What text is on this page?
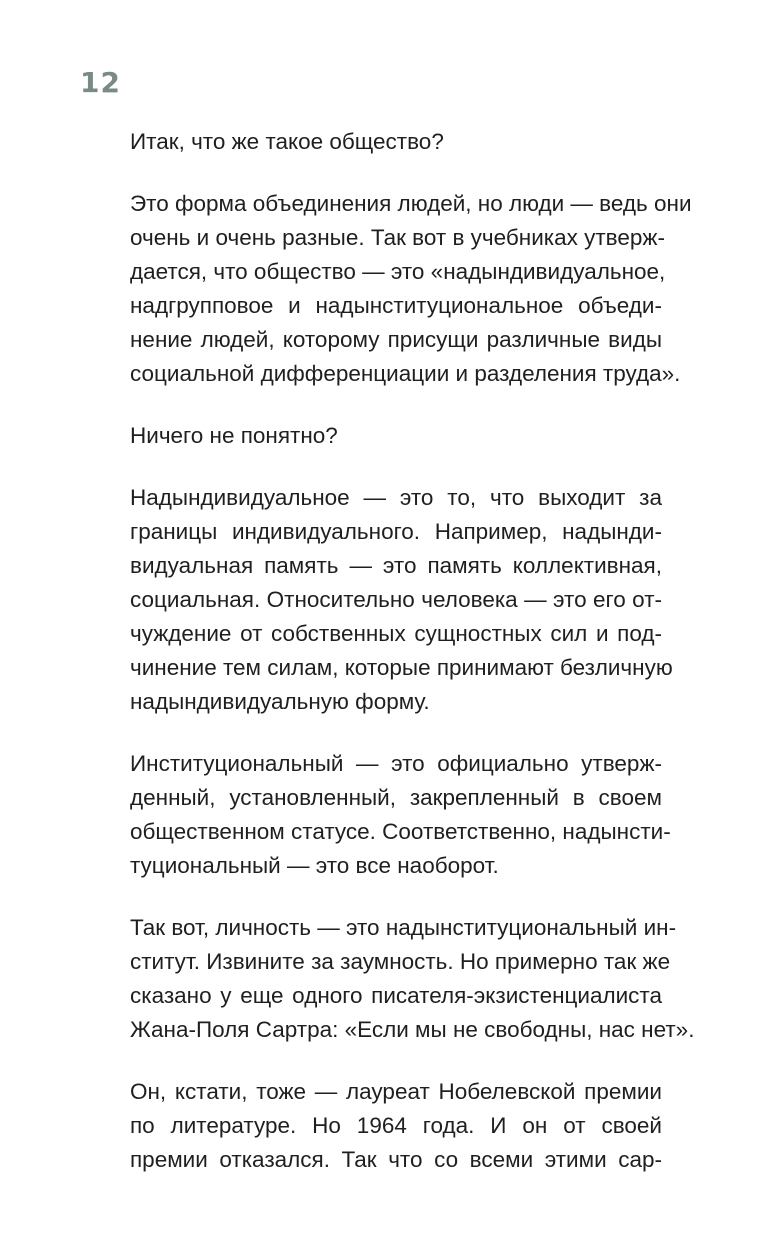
12

Итак, что же такое общество?

Это форма объединения людей, но люди — ведь они
очень и очень разные. Так вот в учебниках утверж-
дается, что общество — это «надындивидуальное,
надгрупповое и надынституциональное объеди-
нение людей, которому присущи различные виды
социальной дифференциации и разделения труда».

Ничего не понятно?

Надындивидуальное — это то, что выходит за
границы индивидуального. Например, надынди-
видуальная память — это память коллективная,
социальная. Относительно человека — это его от-
чуждение от собственных сущностных сил и под-
чинение тем силам, которые принимают безличную
надындивидуальную форму.

Институциональный — это официально утверж-
денный, установленный, закрепленный в своем
общественном статусе. Соответственно, надынсти-
туциональный — это все наоборот.

Так вот, личность — это надынституциональный ин-
ститут. Извините за заумность. Но примерно так же
сказано у еще одного писателя-экзистенциалиста
Жана-Поля Сартра: «Если мы не свободны, нас нет».

Он, кстати, тоже — лауреат Нобелевской премии
по литературе. Но 1964 года. И он от своей
премии отказался. Так что со всеми этими сар-
